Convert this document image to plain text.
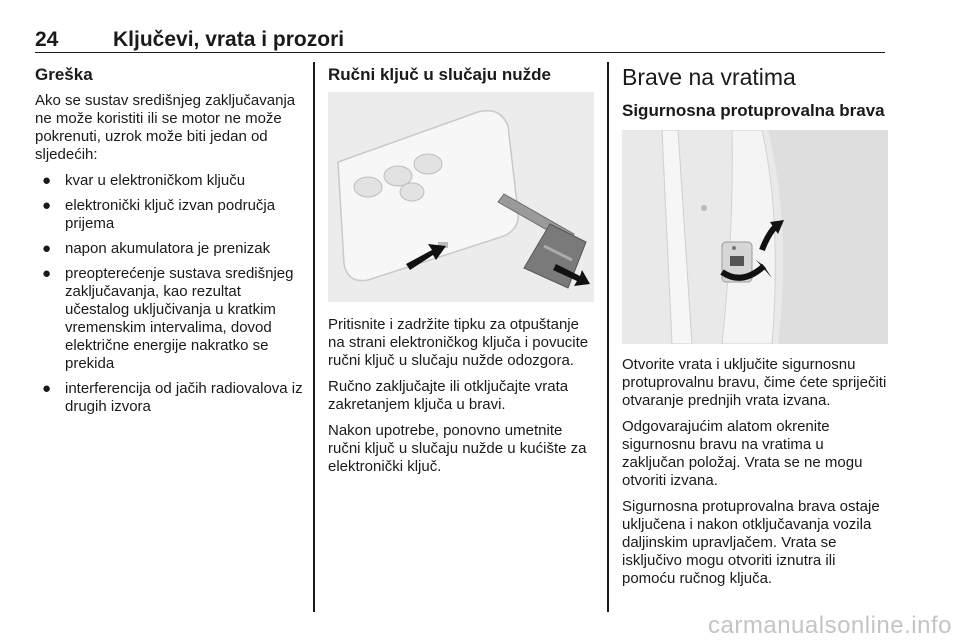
24	Ključevi, vrata i prozori
Greška

Ako se sustav središnjeg zaključavanja ne može koristiti ili se motor ne može pokrenuti, uzrok može biti jedan od sljedećih:

● kvar u elektroničkom ključu
● elektronički ključ izvan područja prijema
● napon akumulatora je prenizak
● preopterećenje sustava središnjeg zaključavanja, kao rezultat učestalog uključivanja u kratkim vremenskim intervalima, dovod električne energije nakratko se prekida
● interferencija od jačih radiovalova iz drugih izvora
Ručni ključ u slučaju nužde

Pritisnite i zadržite tipku za otpuštanje na strani elektroničkog ključa i povucite ručni ključ u slučaju nužde odozgora.

Ručno zaključajte ili otključajte vrata zakretanjem ključa u bravi.

Nakon upotrebe, ponovno umetnite ručni ključ u slučaju nužde u kućište za elektronički ključ.

Brave na vratima
Sigurnosna protuprovalna brava

Otvorite vrata i uključite sigurnosnu protuprovalnu bravu, čime ćete spriječiti otvaranje prednjih vrata izvana.

Odgovarajućim alatom okrenite sigurnosnu bravu na vratima u zaključan položaj. Vrata se ne mogu otvoriti izvana.

Sigurnosna protuprovalna brava ostaje uključena i nakon otključavanja vozila daljinskim upravljačem. Vrata se isključivo mogu otvoriti iznutra ili pomoću ručnog ključa.

carmanualsonline.info
